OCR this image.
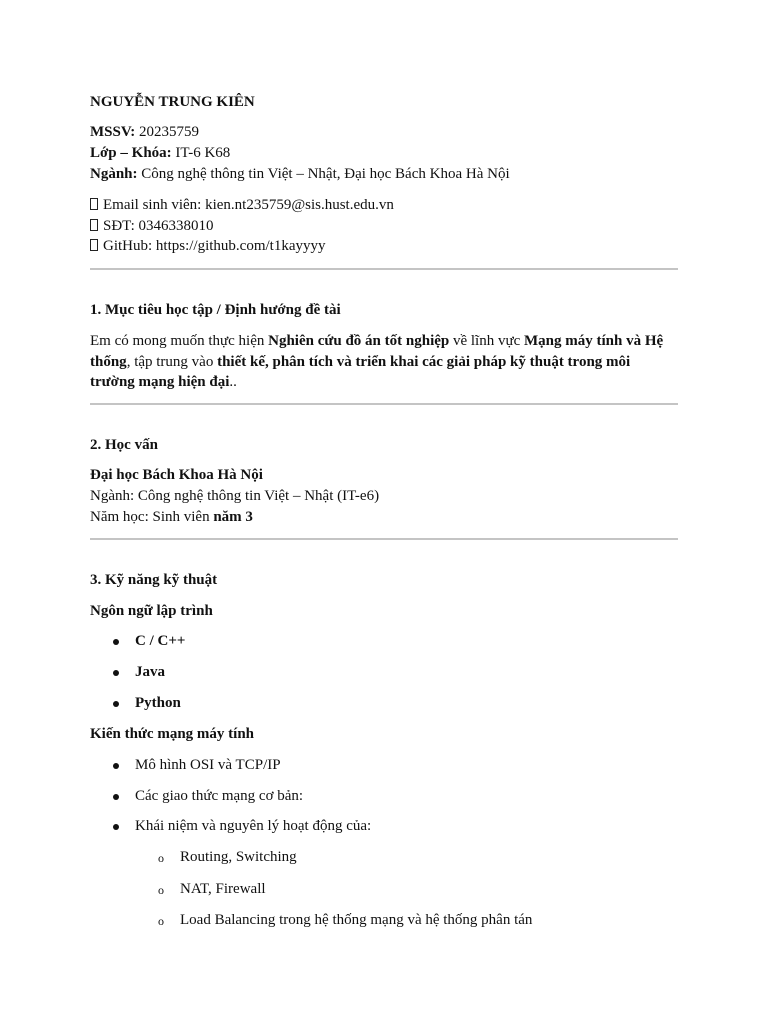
NGUYỄN TRUNG KIÊN
MSSV: 20235759
Lớp – Khóa: IT-6 K68
Ngành: Công nghệ thông tin Việt – Nhật, Đại học Bách Khoa Hà Nội
Email sinh viên: kien.nt235759@sis.hust.edu.vn
SĐT: 0346338010
GitHub: https://github.com/t1kayyyy
1. Mục tiêu học tập / Định hướng đề tài
Em có mong muốn thực hiện Nghiên cứu đồ án tốt nghiệp về lĩnh vực Mạng máy tính và Hệ
thống, tập trung vào thiết kế, phân tích và triển khai các giải pháp kỹ thuật trong môi
trường mạng hiện đại..
2. Học vấn
Đại học Bách Khoa Hà Nội
Ngành: Công nghệ thông tin Việt – Nhật (IT-e6)
Năm học: Sinh viên năm 3
3. Kỹ năng kỹ thuật
Ngôn ngữ lập trình
C / C++
Java
Python
Kiến thức mạng máy tính
Mô hình OSI và TCP/IP
Các giao thức mạng cơ bản:
Khái niệm và nguyên lý hoạt động của:
o Routing, Switching
o NAT, Firewall
o Load Balancing trong hệ thống mạng và hệ thống phân tán
